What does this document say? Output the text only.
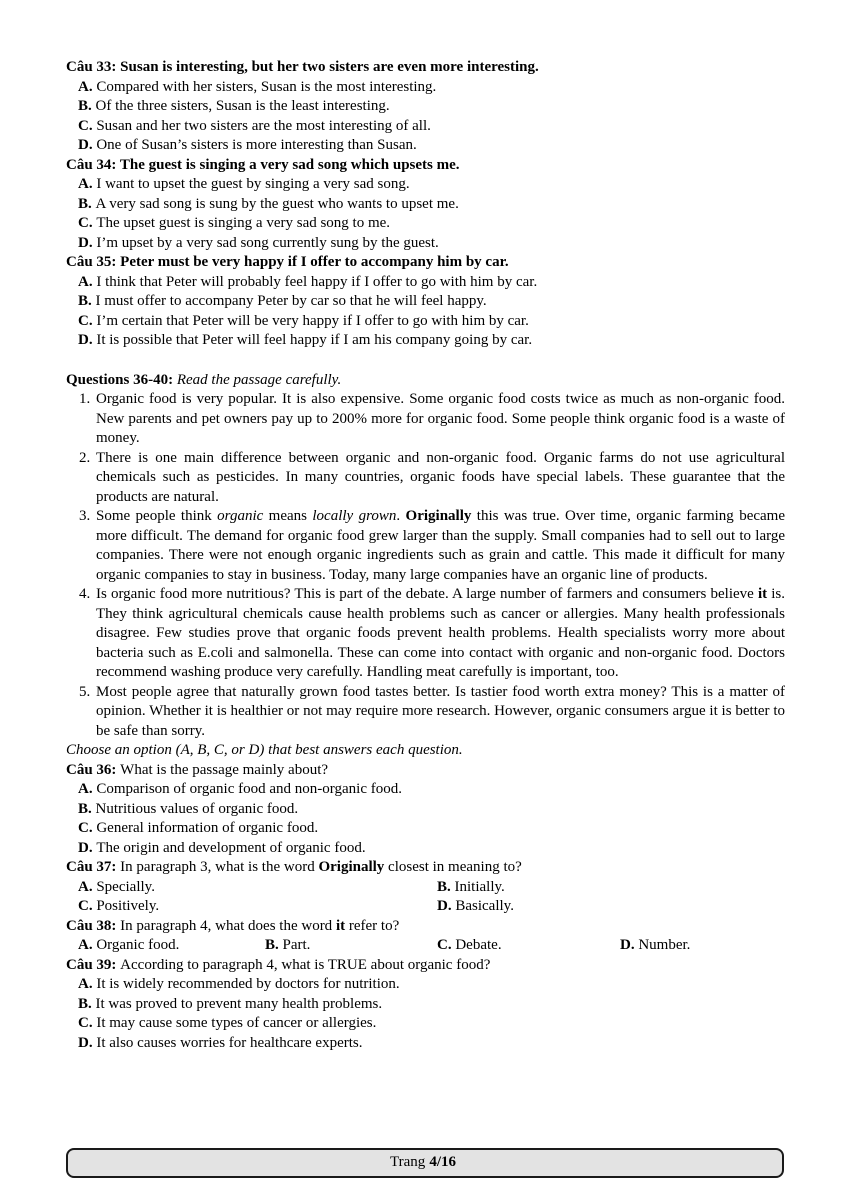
Câu 33: Susan is interesting, but her two sisters are even more interesting.
A. Compared with her sisters, Susan is the most interesting.
B. Of the three sisters, Susan is the least interesting.
C. Susan and her two sisters are the most interesting of all.
D. One of Susan’s sisters is more interesting than Susan.
Câu 34: The guest is singing a very sad song which upsets me.
A. I want to upset the guest by singing a very sad song.
B. A very sad song is sung by the guest who wants to upset me.
C. The upset guest is singing a very sad song to me.
D. I’m upset by a very sad song currently sung by the guest.
Câu 35: Peter must be very happy if I offer to accompany him by car.
A. I think that Peter will probably feel happy if I offer to go with him by car.
B. I must offer to accompany Peter by car so that he will feel happy.
C. I’m certain that Peter will be very happy if I offer to go with him by car.
D. It is possible that Peter will feel happy if I am his company going by car.
Questions 36-40: Read the passage carefully.
1. Organic food is very popular. It is also expensive. Some organic food costs twice as much as non-organic food. New parents and pet owners pay up to 200% more for organic food. Some people think organic food is a waste of money.
2. There is one main difference between organic and non-organic food. Organic farms do not use agricultural chemicals such as pesticides. In many countries, organic foods have special labels. These guarantee that the products are natural.
3. Some people think organic means locally grown. Originally this was true. Over time, organic farming became more difficult. The demand for organic food grew larger than the supply. Small companies had to sell out to large companies. There were not enough organic ingredients such as grain and cattle. This made it difficult for many organic companies to stay in business. Today, many large companies have an organic line of products.
4. Is organic food more nutritious? This is part of the debate. A large number of farmers and consumers believe it is. They think agricultural chemicals cause health problems such as cancer or allergies. Many health professionals disagree. Few studies prove that organic foods prevent health problems. Health specialists worry more about bacteria such as E.coli and salmonella. These can come into contact with organic and non-organic food. Doctors recommend washing produce very carefully. Handling meat carefully is important, too.
5. Most people agree that naturally grown food tastes better. Is tastier food worth extra money? This is a matter of opinion. Whether it is healthier or not may require more research. However, organic consumers argue it is better to be safe than sorry.
Choose an option (A, B, C, or D) that best answers each question.
Câu 36: What is the passage mainly about?
A. Comparison of organic food and non-organic food.
B. Nutritious values of organic food.
C. General information of organic food.
D. The origin and development of organic food.
Câu 37: In paragraph 3, what is the word Originally closest in meaning to?
A. Specially.	B. Initially.
C. Positively.	D. Basically.
Câu 38: In paragraph 4, what does the word it refer to?
A. Organic food.	B. Part.	C. Debate.	D. Number.
Câu 39: According to paragraph 4, what is TRUE about organic food?
A. It is widely recommended by doctors for nutrition.
B. It was proved to prevent many health problems.
C. It may cause some types of cancer or allergies.
D. It also causes worries for healthcare experts.
Trang 4/16
